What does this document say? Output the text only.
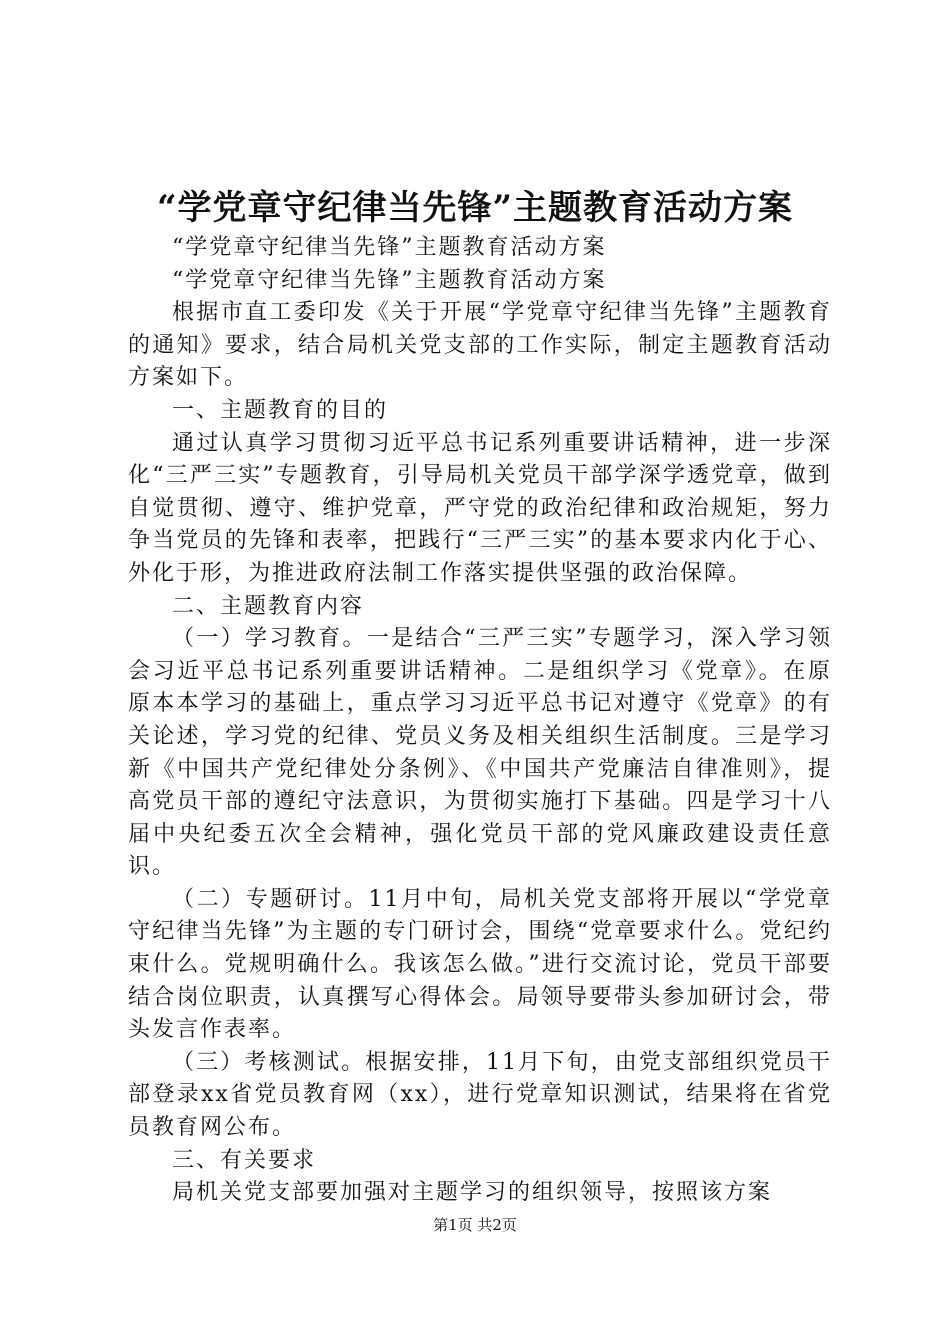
“学党章守纪律当先锋”主题教育活动方案

“学党章守纪律当先锋”主题教育活动方案

“学党章守纪律当先锋”主题教育活动方案

根据市直工委印发《关于开展“学党章守纪律当先锋”主题教育的通知》要求，结合局机关党支部的工作实际，制定主题教育活动方案如下。

一、主题教育的目的

通过认真学习贯彻习近平总书记系列重要讲话精神，进一步深化“三严三实”专题教育，引导局机关党员干部学深学透党章，做到自觉贯彻、遵守、维护党章，严守党的政治纪律和政治规矩，努力争当党员的先锋和表率，把践行“三严三实”的基本要求内化于心、外化于形，为推进政府法制工作落实提供坚强的政治保障。

二、主题教育内容

（一）学习教育。一是结合“三严三实”专题学习，深入学习领会习近平总书记系列重要讲话精神。二是组织学习《党章》。在原原本本学习的基础上，重点学习习近平总书记对遵守《党章》的有关论述，学习党的纪律、党员义务及相关组织生活制度。三是学习新《中国共产党纪律处分条例》、《中国共产党廉洁自律准则》，提高党员干部的遵纪守法意识，为贯彻实施打下基础。四是学习十八届中央纪委五次全会精神，强化党员干部的党风廉政建设责任意识。

（二）专题研讨。11月中旬，局机关党支部将开展以“学党章守纪律当先锋”为主题的专门研讨会，围绕“党章要求什么。党纪约束什么。党规明确什么。我该怎么做。”进行交流讨论，党员干部要结合岗位职责，认真撰写心得体会。局领导要带头参加研讨会，带头发言作表率。

（三）考核测试。根据安排，11月下旬，由党支部组织党员干部登录xx省党员教育网（xx），进行党章知识测试，结果将在省党员教育网公布。

三、有关要求

局机关党支部要加强对主题学习的组织领导，按照该方案

第1页 共2页
